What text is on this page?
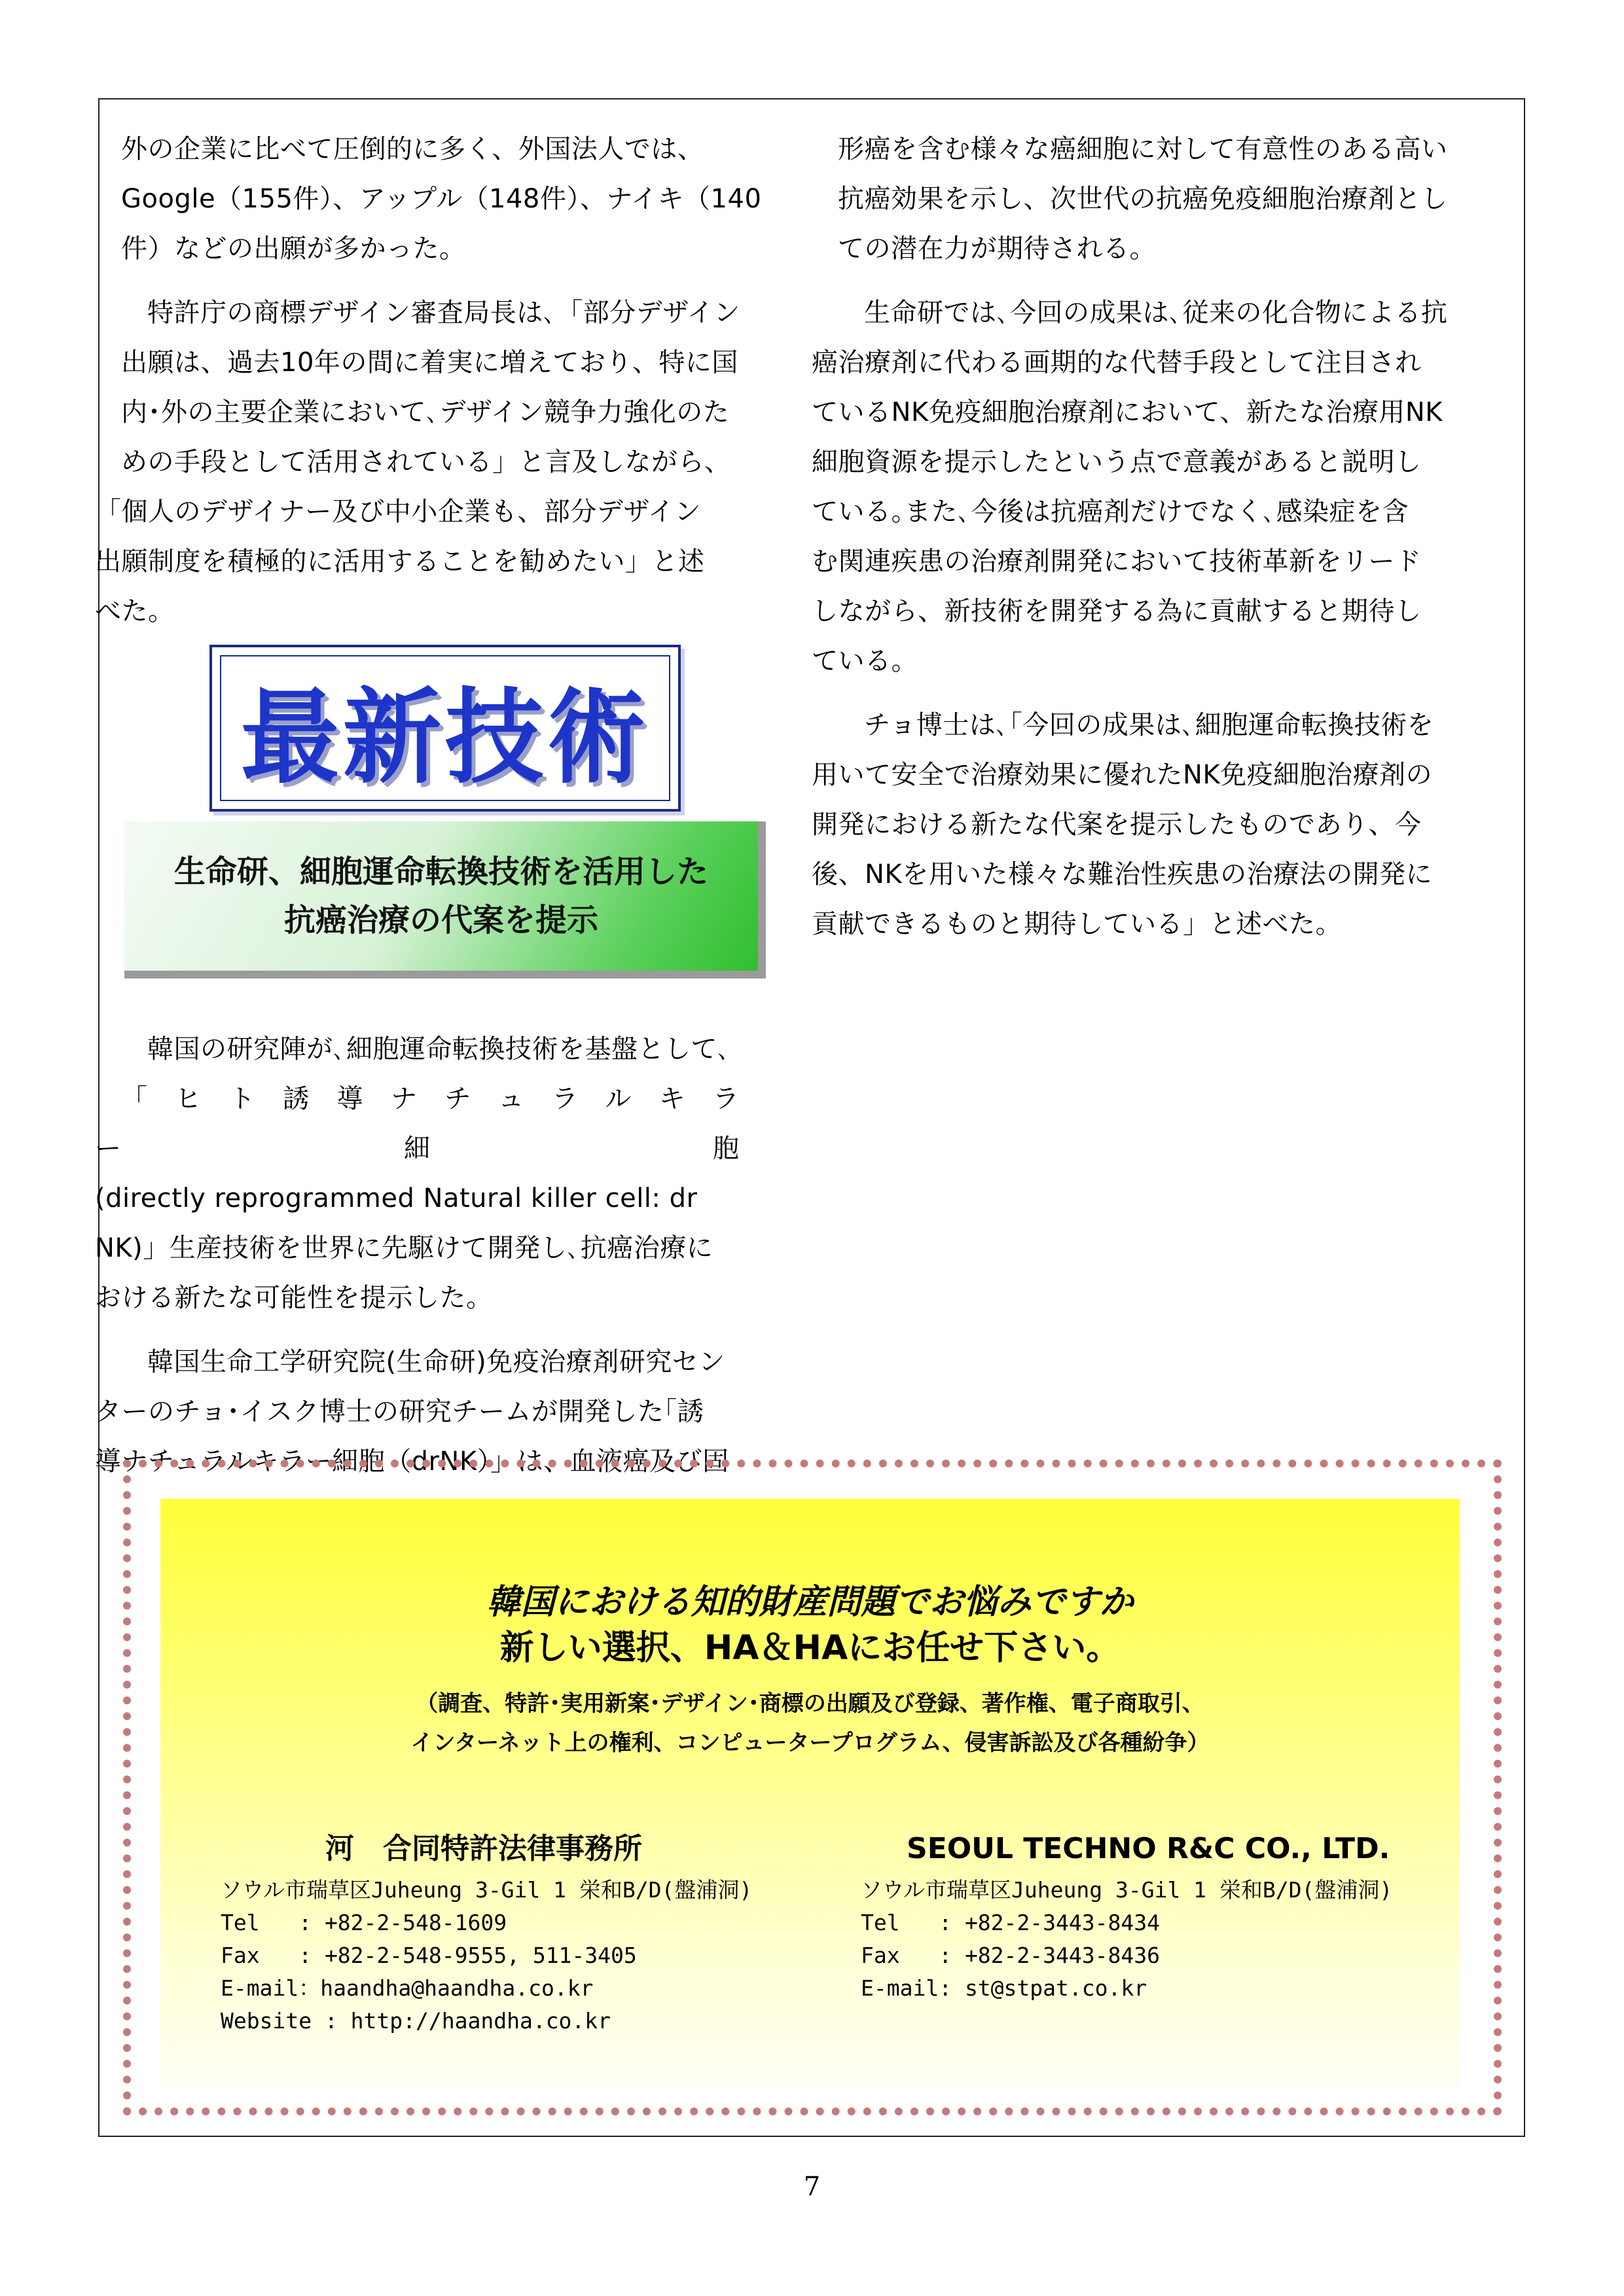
外の企業に比べて圧倒的に多く、外国法人では、
Google（155件）、アップル（148件）、ナイキ（140
件）などの出願が多かった。

特許庁の商標デザイン審査局長は､「部分デザイン
出願は、過去10年の間に着実に増えており、特に国
内･外の主要企業において､デザイン競争力強化のた
めの手段として活用されている」と言及しながら、
「個人のデザイナー及び中小企業も、部分デザイン
出願制度を積極的に活用することを勧めたい」と述
べた。

最新技術
生命研、細胞運命転換技術を活用した
抗癌治療の代案を提示

韓国の研究陣が､細胞運命転換技術を基盤として､
「ヒト誘導ナチュラルキラー細胞
(directly reprogrammed Natural killer cell: dr
NK)」生産技術を世界に先駆けて開発し､抗癌治療に
おける新たな可能性を提示した。

韓国生命工学研究院(生命研)免疫治療剤研究セン
ターのチョ･イスク博士の研究チームが開発した｢誘
導ナチュラルキラー細胞（drNK）」は、血液癌及び固

形癌を含む様々な癌細胞に対して有意性のある高い
抗癌効果を示し、次世代の抗癌免疫細胞治療剤とし
ての潜在力が期待される。

生命研では､今回の成果は､従来の化合物による抗
癌治療剤に代わる画期的な代替手段として注目され
ているNK免疫細胞治療剤において、新たな治療用NK
細胞資源を提示したという点で意義があると説明し
ている｡また､今後は抗癌剤だけでなく､感染症を含
む関連疾患の治療剤開発において技術革新をリード
しながら、新技術を開発する為に貢献すると期待し
ている。

チョ博士は､｢今回の成果は､細胞運命転換技術を
用いて安全で治療効果に優れたNK免疫細胞治療剤の
開発における新たな代案を提示したものであり、今
後、NKを用いた様々な難治性疾患の治療法の開発に
貢献できるものと期待している」と述べた。

韓国における知的財産問題でお悩みですか
新しい選択、HA＆HAにお任せ下さい。
（調査、特許･実用新案･デザイン･商標の出願及び登録、著作権、電子商取引、
インターネット上の権利、コンピュータープログラム、侵害訴訟及び各種紛争）
河　合同特許法律事務所
ソウル市瑞草区Juheung 3-Gil 1 栄和B/D(盤浦洞)
Tel   : +82-2-548-1609
Fax   : +82-2-548-9555, 511-3405
E-mail：haandha@haandha.co.kr
Website : http://haandha.co.kr
SEOUL TECHNO R&C CO., LTD.
ソウル市瑞草区Juheung 3-Gil 1 栄和B/D(盤浦洞)
Tel   : +82-2-3443-8434
Fax   : +82-2-3443-8436
E-mail: st@stpat.co.kr
7
